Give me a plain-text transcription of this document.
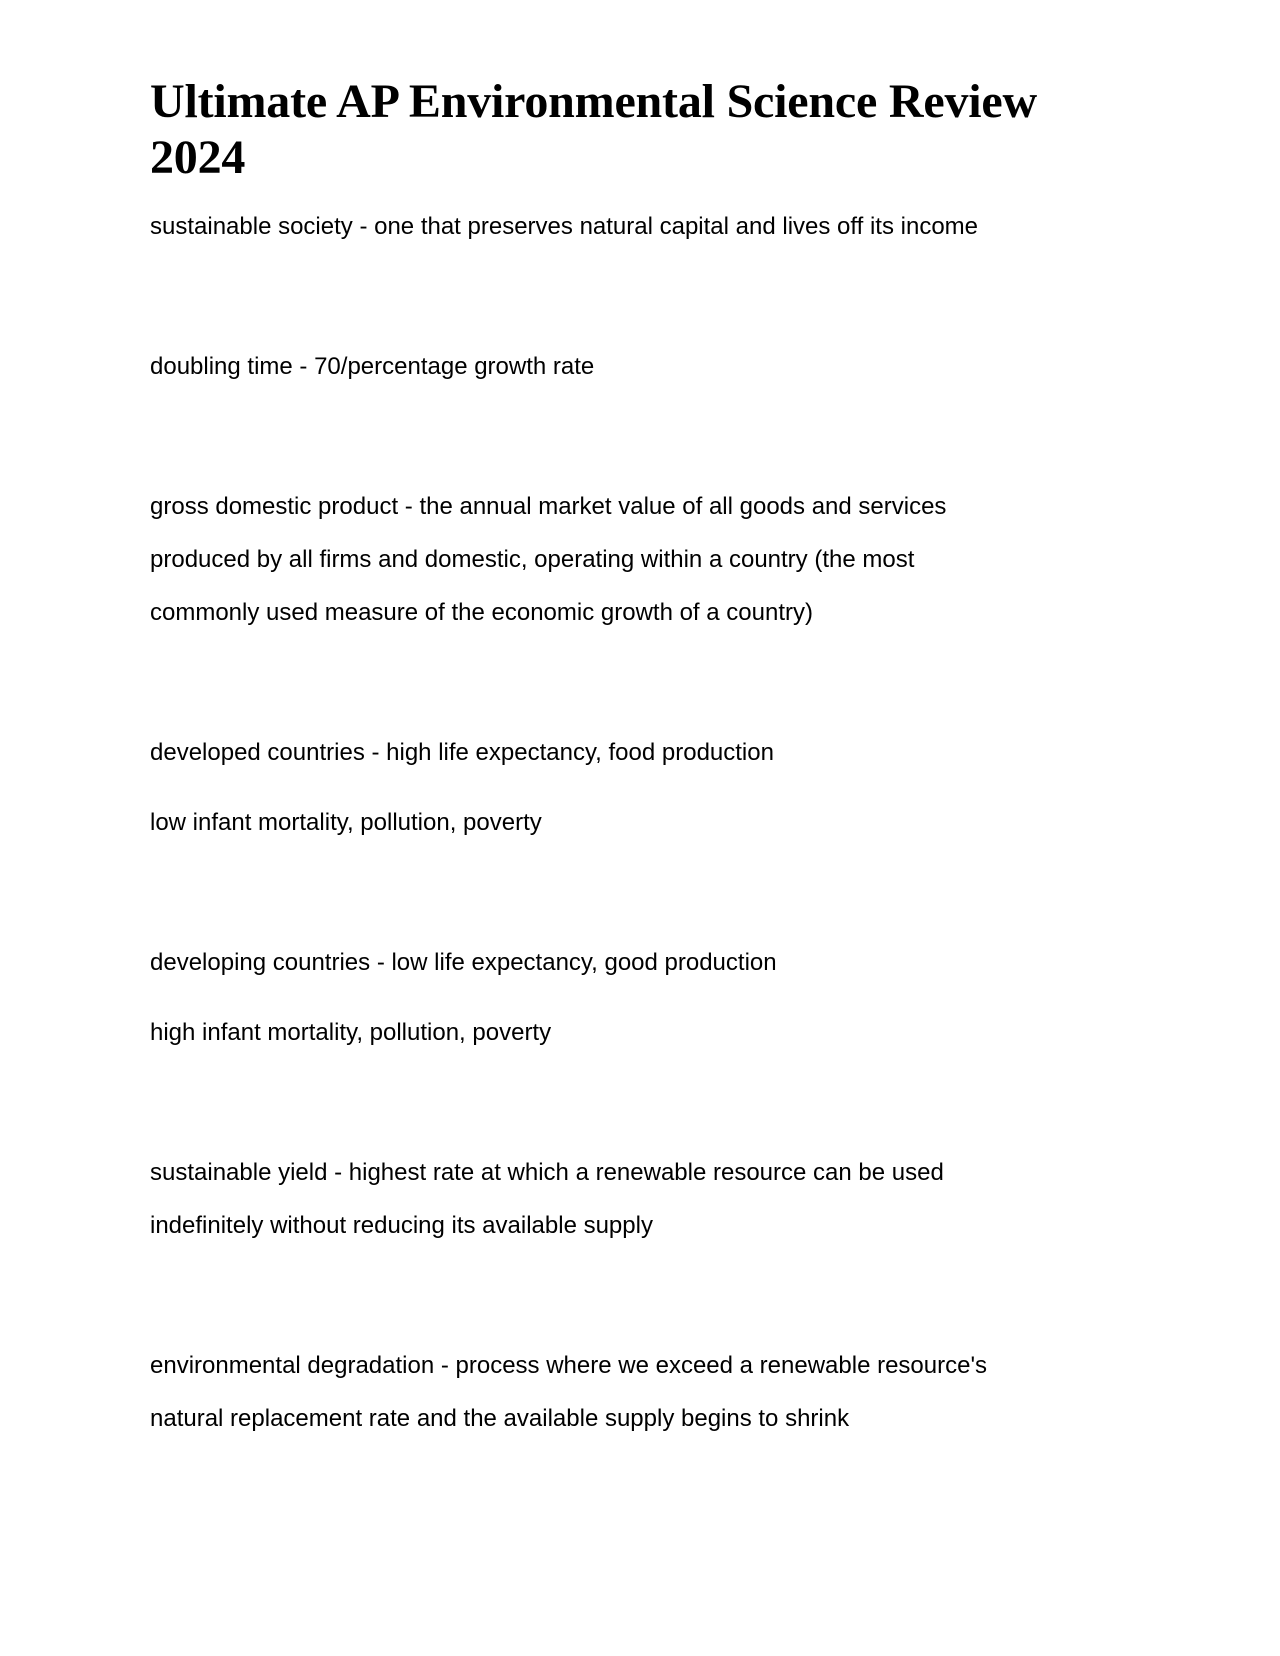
Ultimate AP Environmental Science Review
2024

sustainable society - one that preserves natural capital and lives off its income

doubling time - 70/percentage growth rate

gross domestic product - the annual market value of all goods and services
produced by all firms and domestic, operating within a country (the most
commonly used measure of the economic growth of a country)

developed countries - high life expectancy, food production

low infant mortality, pollution, poverty

developing countries - low life expectancy, good production

high infant mortality, pollution, poverty

sustainable yield - highest rate at which a renewable resource can be used
indefinitely without reducing its available supply

environmental degradation - process where we exceed a renewable resource's
natural replacement rate and the available supply begins to shrink
